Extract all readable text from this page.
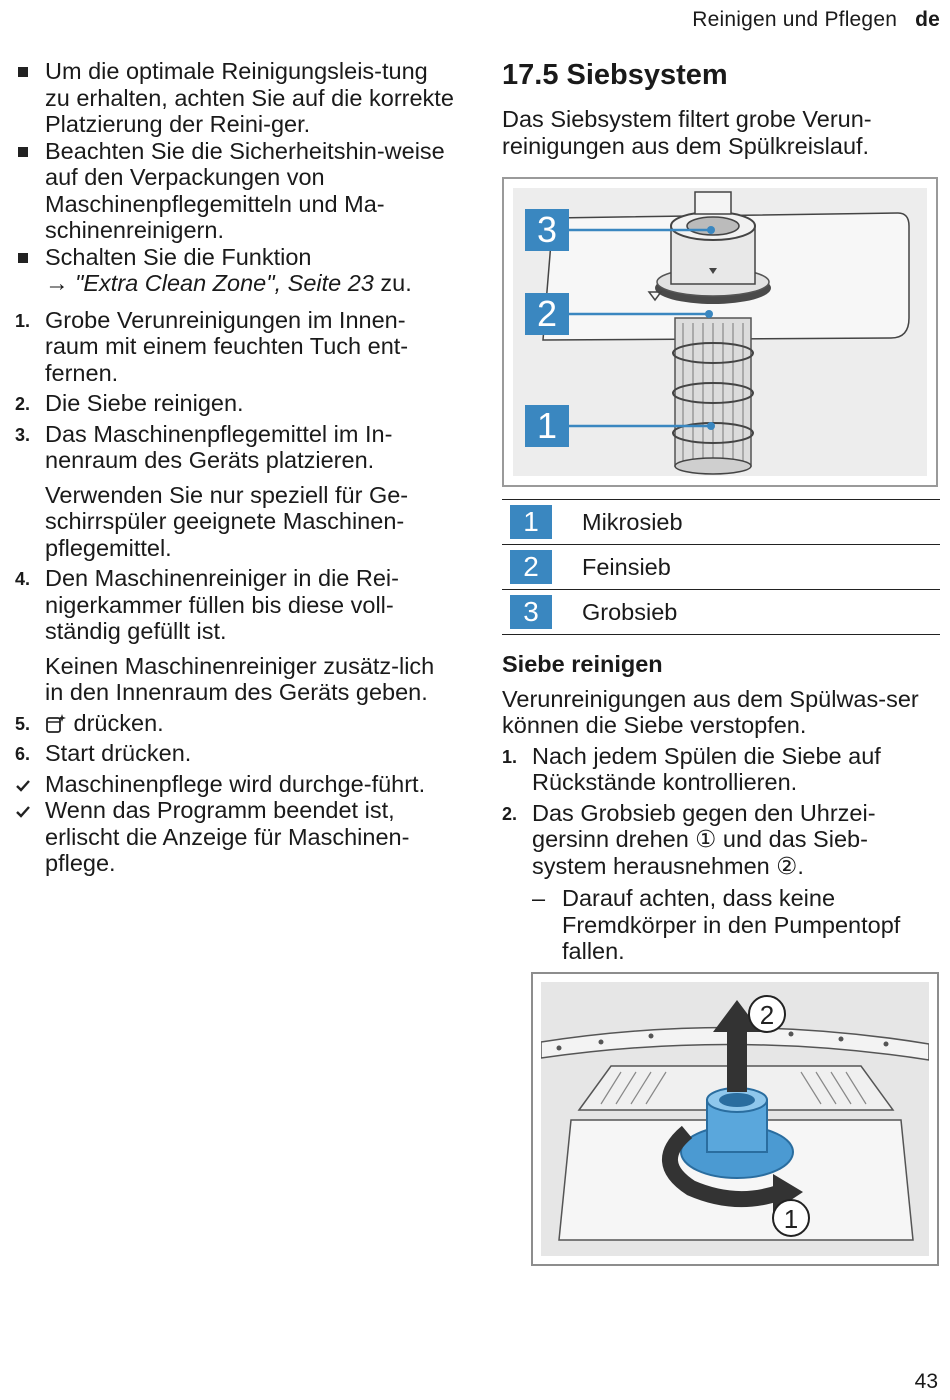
Reinigen und Pflegen de
Um die optimale Reinigungsleis-tung zu erhalten, achten Sie auf die korrekte Platzierung der Reini-ger.
Beachten Sie die Sicherheitshin-weise auf den Verpackungen von Maschinenpflegemitteln und Ma-schinenreinigern.
Schalten Sie die Funktion
→ "Extra Clean Zone", Seite 23 zu.
1. Grobe Verunreinigungen im Innen-raum mit einem feuchten Tuch ent-fernen.
2. Die Siebe reinigen.
3. Das Maschinenpflegemittel im In-nenraum des Geräts platzieren.

Verwenden Sie nur speziell für Ge-schirrspüler geeignete Maschinen-pflegemittel.

4. Den Maschinenreiniger in die Rei-nigerkammer füllen bis diese voll-ständig gefüllt ist.

Keinen Maschinenreiniger zusätz-lich in den Innenraum des Geräts geben.

5. drücken.
6. Start drücken.
Maschinenpflege wird durchge-führt.
Wenn das Programm beendet ist, erlischt die Anzeige für Maschinen-pflege.
17.5 Siebsystem

Das Siebsystem filtert grobe Verun-reinigungen aus dem Spülkreislauf.

3
2
1
1	Mikrosieb
2	Feinsieb
3	Grobsieb
Siebe reinigen

Verunreinigungen aus dem Spülwas-ser können die Siebe verstopfen.

1. Nach jedem Spülen die Siebe auf Rückstände kontrollieren.
2. Das Grobsieb gegen den Uhrzei-gersinn drehen ① und das Sieb-system herausnehmen ②.
– Darauf achten, dass keine Fremdkörper in den Pumpentopf fallen.
2
1
43
